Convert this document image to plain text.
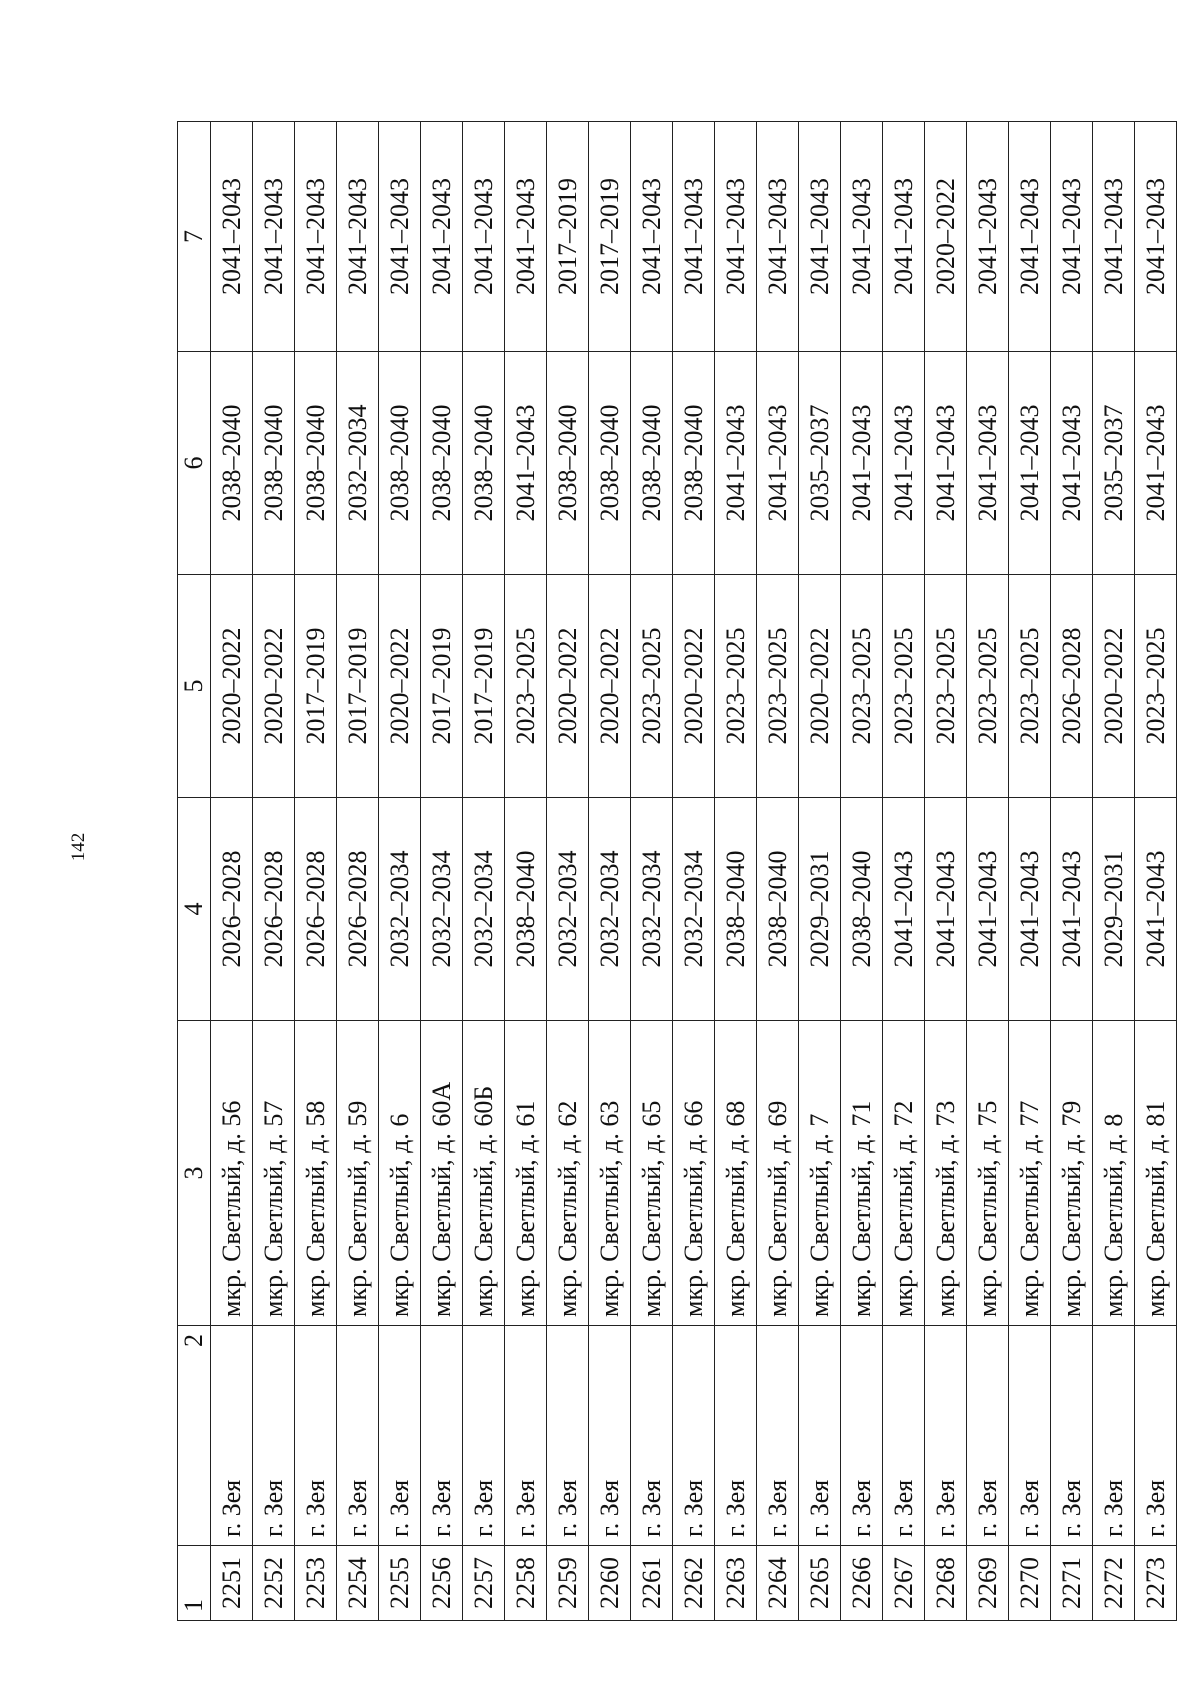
142
1	2	3	4	5	6	7
2251	г. Зея	мкр. Светлый, д. 56	2026–2028	2020–2022	2038–2040	2041–2043
2252	г. Зея	мкр. Светлый, д. 57	2026–2028	2020–2022	2038–2040	2041–2043
2253	г. Зея	мкр. Светлый, д. 58	2026–2028	2017–2019	2038–2040	2041–2043
2254	г. Зея	мкр. Светлый, д. 59	2026–2028	2017–2019	2032–2034	2041–2043
2255	г. Зея	мкр. Светлый, д. 6	2032–2034	2020–2022	2038–2040	2041–2043
2256	г. Зея	мкр. Светлый, д. 60А	2032–2034	2017–2019	2038–2040	2041–2043
2257	г. Зея	мкр. Светлый, д. 60Б	2032–2034	2017–2019	2038–2040	2041–2043
2258	г. Зея	мкр. Светлый, д. 61	2038–2040	2023–2025	2041–2043	2041–2043
2259	г. Зея	мкр. Светлый, д. 62	2032–2034	2020–2022	2038–2040	2017–2019
2260	г. Зея	мкр. Светлый, д. 63	2032–2034	2020–2022	2038–2040	2017–2019
2261	г. Зея	мкр. Светлый, д. 65	2032–2034	2023–2025	2038–2040	2041–2043
2262	г. Зея	мкр. Светлый, д. 66	2032–2034	2020–2022	2038–2040	2041–2043
2263	г. Зея	мкр. Светлый, д. 68	2038–2040	2023–2025	2041–2043	2041–2043
2264	г. Зея	мкр. Светлый, д. 69	2038–2040	2023–2025	2041–2043	2041–2043
2265	г. Зея	мкр. Светлый, д. 7	2029–2031	2020–2022	2035–2037	2041–2043
2266	г. Зея	мкр. Светлый, д. 71	2038–2040	2023–2025	2041–2043	2041–2043
2267	г. Зея	мкр. Светлый, д. 72	2041–2043	2023–2025	2041–2043	2041–2043
2268	г. Зея	мкр. Светлый, д. 73	2041–2043	2023–2025	2041–2043	2020–2022
2269	г. Зея	мкр. Светлый, д. 75	2041–2043	2023–2025	2041–2043	2041–2043
2270	г. Зея	мкр. Светлый, д. 77	2041–2043	2023–2025	2041–2043	2041–2043
2271	г. Зея	мкр. Светлый, д. 79	2041–2043	2026–2028	2041–2043	2041–2043
2272	г. Зея	мкр. Светлый, д. 8	2029–2031	2020–2022	2035–2037	2041–2043
2273	г. Зея	мкр. Светлый, д. 81	2041–2043	2023–2025	2041–2043	2041–2043
